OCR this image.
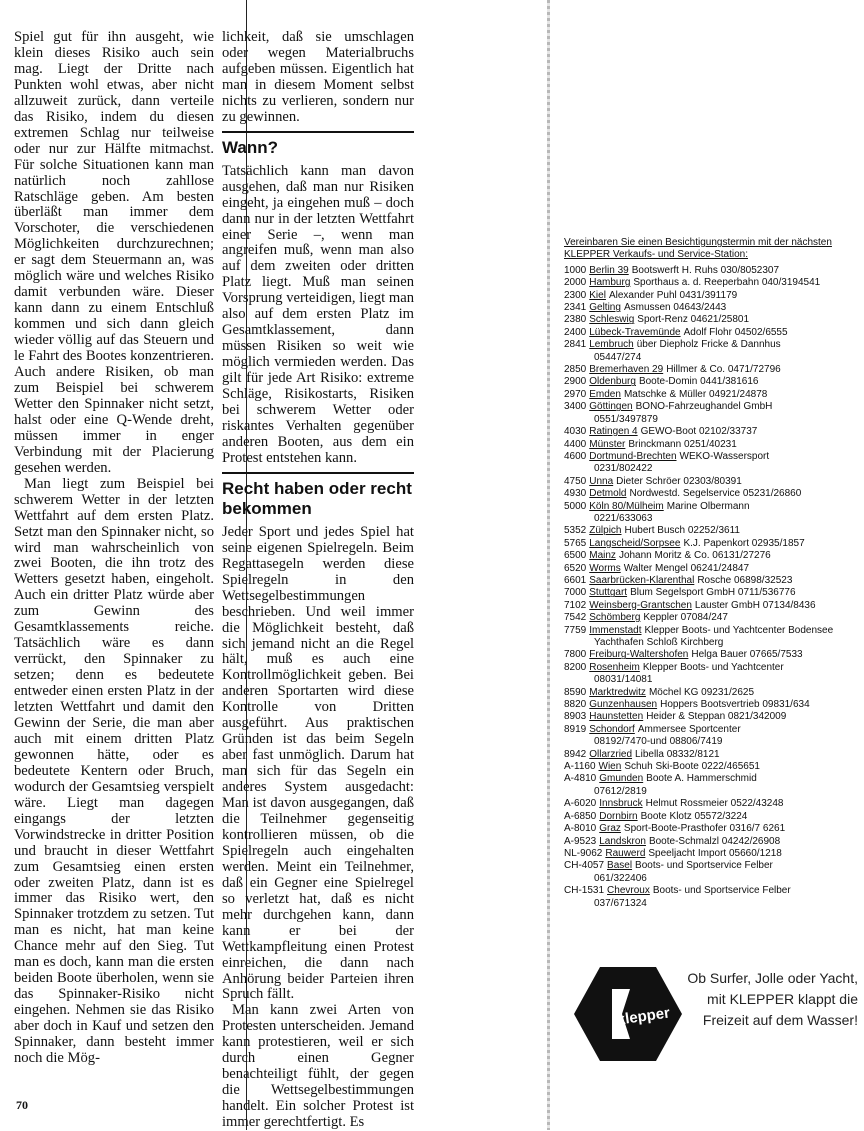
Spiel gut für ihn ausgeht, wie klein dieses Risiko auch sein mag. Liegt der Dritte nach Punkten wohl etwas, aber nicht allzuweit zurück, dann verteile das Risiko, indem du diesen extremen Schlag nur teilweise oder nur zur Hälfte mitmachst. Für solche Situationen kann man natürlich noch zahllose Ratschläge geben. Am besten überläßt man immer dem Vorschoter, die verschiedenen Möglichkeiten durchzurechnen; er sagt dem Steuermann an, was möglich wäre und welches Risiko damit verbunden wäre. Dieser kann dann zu einem Entschluß kommen und sich dann gleich wieder völlig auf das Steuern und le Fahrt des Bootes konzentrieren. Auch andere Risiken, ob man zum Beispiel bei schwerem Wetter den Spinnaker nicht setzt, halst oder eine Q-Wende dreht, müssen immer in enger Verbindung mit der Placierung gesehen werden.

Man liegt zum Beispiel bei schwerem Wetter in der letzten Wettfahrt auf dem ersten Platz. Setzt man den Spinnaker nicht, so wird man wahrscheinlich von zwei Booten, die ihn trotz des Wetters gesetzt haben, eingeholt. Auch ein dritter Platz würde aber zum Gewinn des Gesamtklassements reiche. Tatsächlich wäre es dann verrückt, den Spinnaker zu setzen; denn es bedeutete entweder einen ersten Platz in der letzten Wettfahrt und damit den Gewinn der Serie, die man aber auch mit einem dritten Platz gewonnen hätte, oder es bedeutete Kentern oder Bruch, wodurch der Gesamtsieg verspielt wäre. Liegt man dagegen eingangs der letzten Vorwindstrecke in dritter Position und braucht in dieser Wettfahrt zum Gesamtsieg einen ersten oder zweiten Platz, dann ist es immer das Risiko wert, den Spinnaker trotzdem zu setzen. Tut man es nicht, hat man keine Chance mehr auf den Sieg. Tut man es doch, kann man die ersten beiden Boote überholen, wenn sie das Spinnaker-Risiko nicht eingehen. Nehmen sie das Risiko aber doch in Kauf und setzen den Spinnaker, dann besteht immer noch die Mög-

lichkeit, daß sie umschlagen oder wegen Materialbruchs aufgeben müssen. Eigentlich hat man in diesem Moment selbst nichts zu verlieren, sondern nur zu gewinnen.

Wann?

Tatsächlich kann man davon ausgehen, daß man nur Risiken eingeht, ja eingehen muß – doch dann nur in der letzten Wettfahrt einer Serie –, wenn man angreifen muß, wenn man also auf dem zweiten oder dritten Platz liegt. Muß man seinen Vorsprung verteidigen, liegt man also auf dem ersten Platz im Gesamtklassement, dann müssen Risiken so weit wie möglich vermieden werden. Das gilt für jede Art Risiko: extreme Schläge, Risikostarts, Risiken bei schwerem Wetter oder riskantes Verhalten gegenüber anderen Booten, aus dem ein Protest entstehen kann.

Recht haben oder recht bekommen

Jeder Sport und jedes Spiel hat seine eigenen Spielregeln. Beim Regattasegeln werden diese Spielregeln in den Wettsegelbestimmungen beschrieben. Und weil immer die Möglichkeit besteht, daß sich jemand nicht an die Regel hält, muß es auch eine Kontrollmöglichkeit geben. Bei anderen Sportarten wird diese Kontrolle von Dritten ausgeführt. Aus praktischen Gründen ist das beim Segeln aber fast unmöglich. Darum hat man sich für das Segeln ein anderes System ausgedacht: Man ist davon ausgegangen, daß die Teilnehmer gegenseitig kontrollieren müssen, ob die Spielregeln auch eingehalten werden. Meint ein Teilnehmer, daß ein Gegner eine Spielregel so verletzt hat, daß es nicht mehr durchgehen kann, dann kann er bei der Wettkampfleitung einen Protest einreichen, die dann nach Anhörung beider Parteien ihren Spruch fällt.

Man kann zwei Arten von Protesten unterscheiden. Jemand kann protestieren, weil er sich durch einen Gegner benachteiligt fühlt, der gegen die Wettsegelbestimmungen handelt. Ein solcher Protest ist immer gerechtfertigt. Es

70
Vereinbaren Sie einen Besichtigungstermin mit der nächsten KLEPPER Verkaufs- und Service-Station:
1000 Berlin 39 Bootswerft H. Ruhs 030/8052307
2000 Hamburg Sporthaus a. d. Reeperbahn 040/3194541
2300 Kiel Alexander Puhl 0431/391179
2341 Gelting Asmussen 04643/2443
2380 Schleswig Sport-Renz 04621/25801
2400 Lübeck-Travemünde Adolf Flohr 04502/6555
2841 Lembruch über Diepholz Fricke & Dannhus
05447/274
2850 Bremerhaven 29 Hillmer & Co. 0471/72796
2900 Oldenburg Boote-Domin 0441/381616
2970 Emden Matschke & Müller 04921/24878
3400 Göttingen BONO-Fahrzeughandel GmbH
0551/3497879
4030 Ratingen 4 GEWO-Boot 02102/33737
4400 Münster Brinckmann 0251/40231
4600 Dortmund-Brechten WEKO-Wassersport
0231/802422
4750 Unna Dieter Schröer 02303/80391
4930 Detmold Nordwestd. Segelservice 05231/26860
5000 Köln 80/Mülheim Marine Olbermann
0221/633063
5352 Zülpich Hubert Busch 02252/3611
5765 Langscheid/Sorpsee K.J. Papenkort 02935/1857
6500 Mainz Johann Moritz & Co. 06131/27276
6520 Worms Walter Mengel 06241/24847
6601 Saarbrücken-Klarenthal Rosche 06898/32523
7000 Stuttgart Blum Segelsport GmbH 0711/536776
7102 Weinsberg-Grantschen Lauster GmbH 07134/8436
7542 Schömberg Keppler 07084/247
7759 Immenstadt Klepper Boots- und Yachtcenter Bodensee
Yachthafen Schloß Kirchberg
7800 Freiburg-Waltershofen Helga Bauer 07665/7533
8200 Rosenheim Klepper Boots- und Yachtcenter
08031/14081
8590 Marktredwitz Möchel KG 09231/2625
8820 Gunzenhausen Hoppers Bootsvertrieb 09831/634
8903 Haunstetten Heider & Steppan 0821/342009
8919 Schondorf Ammersee Sportcenter
08192/7470-und 08806/7419
8942 Ollarzried Libella 08332/8121
A-1160 Wien Schuh Ski-Boote 0222/465651
A-4810 Gmunden Boote A. Hammerschmid
07612/2819
A-6020 Innsbruck Helmut Rossmeier 0522/43248
A-6850 Dornbirn Boote Klotz 05572/3224
A-8010 Graz Sport-Boote-Prasthofer 0316/7 6261
A-9523 Landskron Boote-Schmalzl 04242/26908
NL-9062 Rauwerd Speeljacht Import 05660/1218
CH-4057 Basel Boots- und Sportservice Felber
061/322406
CH-1531 Chevroux Boots- und Sportservice Felber
037/671324
klepper
Ob Surfer, Jolle oder Yacht,
mit KLEPPER klappt die
Freizeit auf dem Wasser!
